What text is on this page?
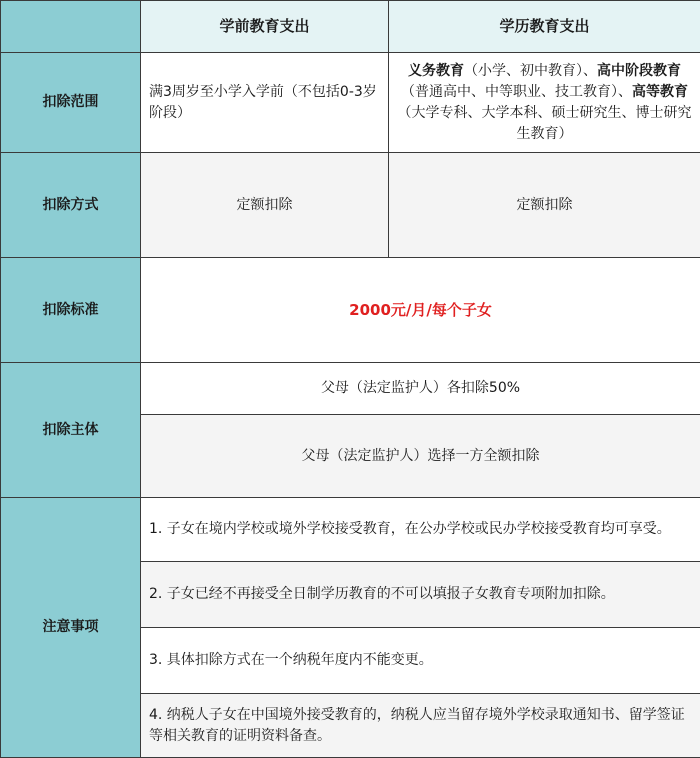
	学前教育支出	学历教育支出
扣除范围	满3周岁至小学入学前（不包括0-3岁阶段）	义务教育（小学、初中教育）、高中阶段教育（普通高中、中等职业、技工教育）、高等教育（大学专科、大学本科、硕士研究生、博士研究生教育）
扣除方式	定额扣除	定额扣除
扣除标准	2000元/月/每个子女	
扣除主体	父母（法定监护人）各扣除50%	
	父母（法定监护人）选择一方全额扣除	
注意事项	1. 子女在境内学校或境外学校接受教育，在公办学校或民办学校接受教育均可享受。	
	2. 子女已经不再接受全日制学历教育的不可以填报子女教育专项附加扣除。	
	3. 具体扣除方式在一个纳税年度内不能变更。	
	4. 纳税人子女在中国境外接受教育的，纳税人应当留存境外学校录取通知书、留学签证等相关教育的证明资料备查。	
